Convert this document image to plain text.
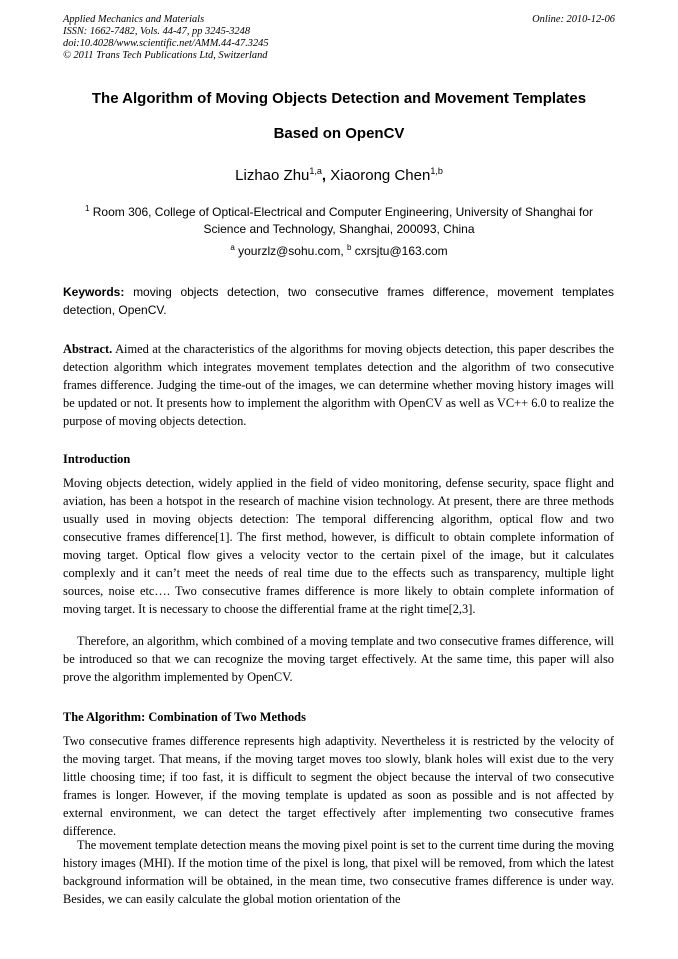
Applied Mechanics and Materials
ISSN: 1662-7482, Vols. 44-47, pp 3245-3248
doi:10.4028/www.scientific.net/AMM.44-47.3245
© 2011 Trans Tech Publications Ltd, Switzerland
Online: 2010-12-06
The Algorithm of Moving Objects Detection and Movement Templates
Based on OpenCV
Lizhao Zhu$^{1,a}$, Xiaorong Chen$^{1,b}$
$^1$ Room 306, College of Optical-Electrical and Computer Engineering, University of Shanghai for Science and Technology, Shanghai, 200093, China
$^a$ yourzlz@sohu.com, $^b$ cxrsjtu@163.com
Keywords: moving objects detection, two consecutive frames difference, movement templates detection, OpenCV.
Abstract. Aimed at the characteristics of the algorithms for moving objects detection, this paper describes the detection algorithm which integrates movement templates detection and the algorithm of two consecutive frames difference. Judging the time-out of the images, we can determine whether moving history images will be updated or not. It presents how to implement the algorithm with OpenCV as well as VC++ 6.0 to realize the purpose of moving objects detection.
Introduction
Moving objects detection, widely applied in the field of video monitoring, defense security, space flight and aviation, has been a hotspot in the research of machine vision technology. At present, there are three methods usually used in moving objects detection: The temporal differencing algorithm, optical flow and two consecutive frames difference[1]. The first method, however, is difficult to obtain complete information of moving target. Optical flow gives a velocity vector to the certain pixel of the image, but it calculates complexly and it can’t meet the needs of real time due to the effects such as transparency, multiple light sources, noise etc…. Two consecutive frames difference is more likely to obtain complete information of moving target. It is necessary to choose the differential frame at the right time[2,3].
Therefore, an algorithm, which combined of a moving template and two consecutive frames difference, will be introduced so that we can recognize the moving target effectively. At the same time, this paper will also prove the algorithm implemented by OpenCV.
The Algorithm: Combination of Two Methods
Two consecutive frames difference represents high adaptivity. Nevertheless it is restricted by the velocity of the moving target. That means, if the moving target moves too slowly, blank holes will exist due to the very little choosing time; if too fast, it is difficult to segment the object because the interval of two consecutive frames is longer. However, if the moving template is updated as soon as possible and is not affected by external environment, we can detect the target effectively after implementing two consecutive frames difference.
The movement template detection means the moving pixel point is set to the current time during the moving history images (MHI). If the motion time of the pixel is long, that pixel will be removed, from which the latest background information will be obtained, in the mean time, two consecutive frames difference is under way. Besides, we can easily calculate the global motion orientation of the
